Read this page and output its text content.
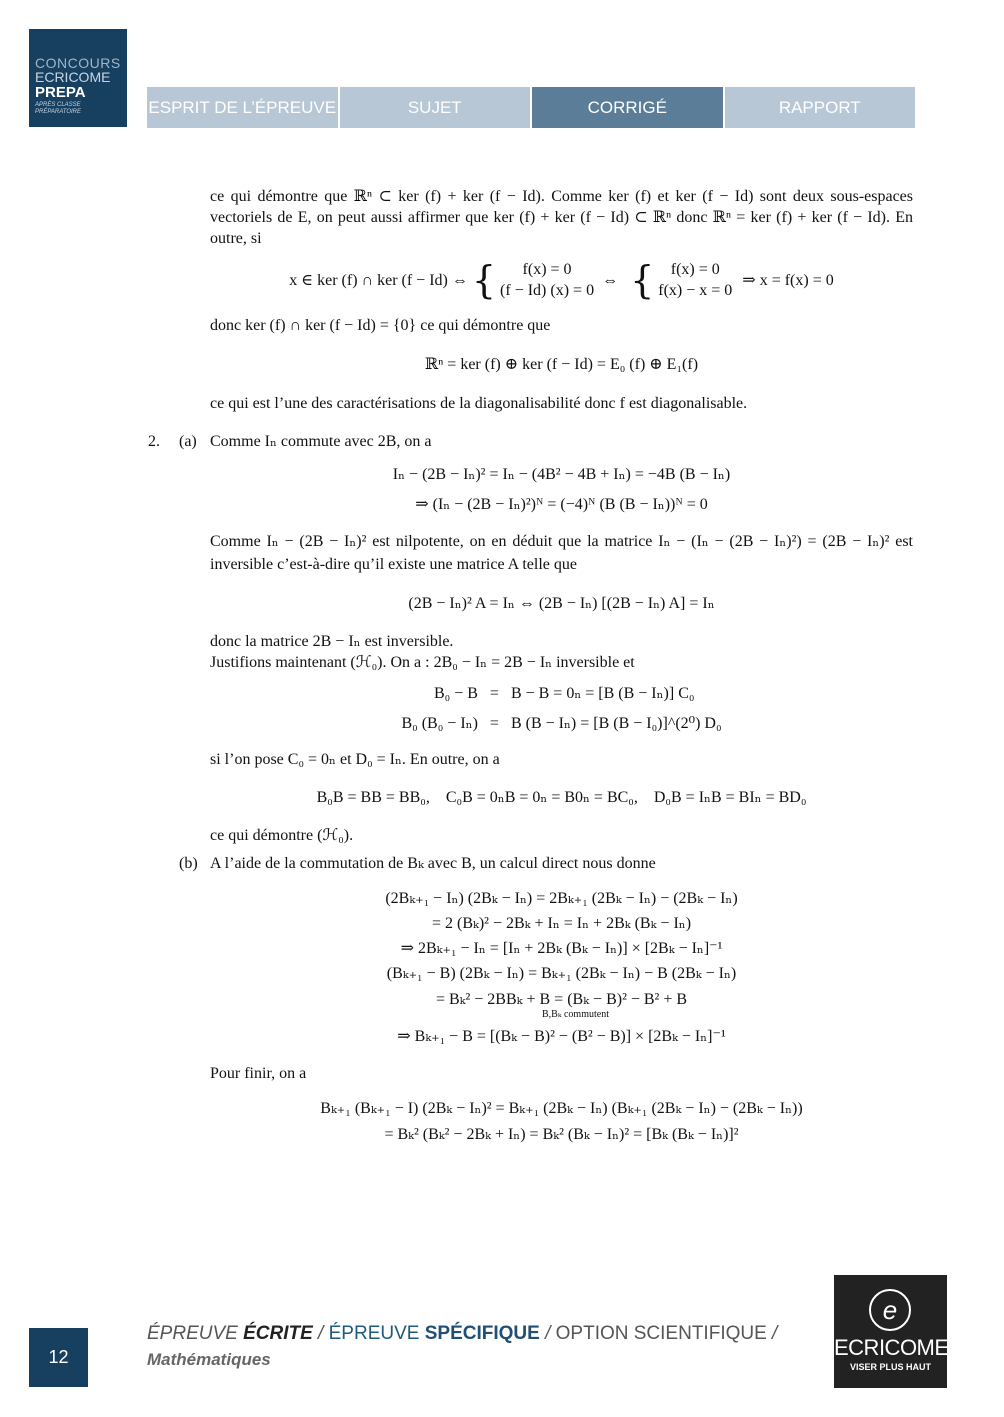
CONCOURS
ECRICOME
PREPA
APRÈS CLASSE PRÉPARATOIRE	ESPRIT DE L’ÉPREUVE	SUJET	CORRIGÉ	RAPPORT

ce qui démontre que ℝⁿ ⊂ ker (f) + ker (f − Id). Comme ker (f) et ker (f − Id) sont deux sous-espaces vectoriels de E, on peut aussi affirmer que ker (f) + ker (f − Id) ⊂ ℝⁿ donc ℝⁿ = ker (f) + ker (f − Id). En outre, si

x ∈ ker (f) ∩ ker (f − Id) ⇔ {	f(x) = 0
(f − Id) (x) = 0
⇔ {	f(x) = 0
f(x) − x = 0
⇒ x = f(x) = 0

donc ker (f) ∩ ker (f − Id) = {0} ce qui démontre que

ℝⁿ = ker (f) ⊕ ker (f − Id) = E₀ (f) ⊕ E₁(f)

ce qui est l’une des caractérisations de la diagonalisabilité donc f est diagonalisable.

2. (a) Comme Iₙ commute avec 2B, on a

Iₙ − (2B − Iₙ)² = Iₙ − (4B² − 4B + Iₙ) = −4B (B − Iₙ)

⇒ (Iₙ − (2B − Iₙ)²)ᴺ = (−4)ᴺ (B (B − Iₙ))ᴺ = 0

Comme Iₙ − (2B − Iₙ)² est nilpotente, on en déduit que la matrice Iₙ − (Iₙ − (2B − Iₙ)²) = (2B − Iₙ)² est inversible c’est-à-dire qu’il existe une matrice A telle que

(2B − Iₙ)² A = Iₙ ⇔ (2B − Iₙ) [(2B − Iₙ) A] = Iₙ

donc la matrice 2B − Iₙ est inversible.

Justifions maintenant (ℋ₀). On a : 2B₀ − Iₙ = 2B − Iₙ inversible et

B₀ − B	=	B − B = 0ₙ = [B (B − Iₙ)] C₀
B₀ (B₀ − Iₙ)	=	B (B − Iₙ) = [B (B − I₀)]^(2⁰) D₀

si l’on pose C₀ = 0ₙ et D₀ = Iₙ. En outre, on a

B₀B = BB = BB₀,    C₀B = 0ₙB = 0ₙ = B0ₙ = BC₀,    D₀B = IₙB = BIₙ = BD₀

ce qui démontre (ℋ₀).

(b) A l’aide de la commutation de Bₖ avec B, un calcul direct nous donne

(2Bₖ₊₁ − Iₙ) (2Bₖ − Iₙ) = 2Bₖ₊₁ (2Bₖ − Iₙ) − (2Bₖ − Iₙ)

= 2 (Bₖ)² − 2Bₖ + Iₙ = Iₙ + 2Bₖ (Bₖ − Iₙ)

⇒ 2Bₖ₊₁ − Iₙ = [Iₙ + 2Bₖ (Bₖ − Iₙ)] × [2Bₖ − Iₙ]⁻¹

(Bₖ₊₁ − B) (2Bₖ − Iₙ) = Bₖ₊₁ (2Bₖ − Iₙ) − B (2Bₖ − Iₙ)

= Bₖ² − 2BBₖ + B = (Bₖ − B)² − B² + B

B,Bₖ commutent

⇒ Bₖ₊₁ − B = [(Bₖ − B)² − (B² − B)] × [2Bₖ − Iₙ]⁻¹

Pour finir, on a

Bₖ₊₁ (Bₖ₊₁ − I) (2Bₖ − Iₙ)² = Bₖ₊₁ (2Bₖ − Iₙ) (Bₖ₊₁ (2Bₖ − Iₙ) − (2Bₖ − Iₙ))

= Bₖ² (Bₖ² − 2Bₖ + Iₙ) = Bₖ² (Bₖ − Iₙ)² = [Bₖ (Bₖ − Iₙ)]²

12
ÉPREUVE ÉCRITE / ÉPREUVE SPÉCIFIQUE / OPTION SCIENTIFIQUE /
Mathématiques
e
ECRICOME
VISER PLUS HAUT
